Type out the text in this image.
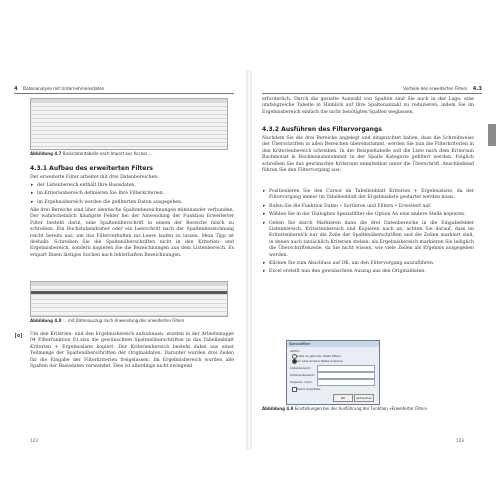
4 Datenanalyse mit Unternehmensdaten
Abbildung 4.7 Basisdatentabelle nach Import aus Access …
4.3.1 Aufbau des erweiterten Filters
Der erweiterte Filter arbeitet mit drei Datenbereichen:
▸ der Listenbereich enthält Ihre Basisdaten,
▸ im Kriterienbereich definieren Sie Ihre Filterkriterien,
▸ im Ergebnisbereich werden die gefilterten Daten ausgegeben.
Alle drei Bereiche sind über identische Spaltenbezeichnungen miteinander verbunden. Der wahrscheinlich häufigste Fehler bei der Anwendung der Funktion Erweiterter Filter besteht darin, eine Spaltenüberschrift in einem der Bereiche falsch zu schreiben. Ein Buchstabendreher oder ein Leerschritt nach der Spaltenbezeichnung reicht bereits aus, um das Filterverhalten ins Leere laufen zu lassen. Mein Tipp ist deshalb: Schreiben Sie die Spaltenüberschriften nicht in den Kriterien- und Ergebnisbereich, sondern kopieren Sie die Bezeichnungen aus dem Listenbereich. Es erspart Ihnen lästiges Suchen nach fehlerhaften Bezeichnungen.
Abbildung 4.8 … mit Datenauszug nach Anwendung des erweiterten Filters
[o] Um den Kriterien- und den Ergebnisbereich aufzubauen, wurden in der Arbeitsmappe 04_Filterfunktion_01.xlsx die gewünschten Spaltenüberschriften in das Tabellenblatt Kriterien + Ergebnisliste kopiert. Der Kriterienbereich besteht dabei aus einer Teilmenge der Spaltenüberschriften der Originaldaten. Darunter wurden drei Zeilen für die Eingabe der Filterkriterien freigelassen. Im Ergebnisbereich wurden alle Spalten der Basisdaten verwendet. Dies ist allerdings nicht zwingend
122
Vorteile des erweiterten Filters 4.3
erforderlich. Durch die gezielte Auswahl von Spalten sind Sie auch in der Lage, eine umfangreiche Tabelle in Hinblick auf Ihre Spaltenanzahl zu reduzieren, indem Sie im Ergebnisbereich einfach die nicht benötigten Spalten weglassen.
4.3.2 Ausführen des Filtervorgangs
Nachdem Sie die drei Bereiche angelegt und eingerichtet haben, dass die Schreibweise der Überschriften in allen Bereichen übereinstimmt, werden Sie nun die Filterkriterien in den Kriterienbereich schreiben. In der Beispieltabelle soll die Liste nach dem Kriterium Buchmonat & Buchmonatsnummer in der Spalte Kategorie gefiltert werden. Folglich schreiben Sie das gewünschte Kriterium unmittelbar unter die Überschrift. Anschließend führen Sie den Filtervorgang aus:
▸ Positionieren Sie den Cursor im Tabellenblatt Kriterien + Ergebnisliste, da der Filtervorgang immer im Tabellenblatt der Ergebnisliste gestartet werden muss.
▸ Rufen Sie die Funktion Daten • Sortieren und Filtern • Erweitert auf.
▸ Wählen Sie in der Dialogbox Spezialfilter die Option An eine andere Stelle kopieren.
▸ Geben Sie durch Markieren dann die drei Datenbereiche in die Eingabefelder Listenbereich, Kriterienbereich und Kopieren nach an, achten Sie darauf, dass im Kriterienbereich nur die Zeile der Spaltenüberschriften und die Zeilen markiert sind, in denen auch tatsächlich Kriterien stehen; als Ergebnisbereich markieren Sie lediglich die Überschriftenzeile, da Sie nicht wissen, wie viele Zeilen als Ergebnis ausgegeben werden.
▸ Klicken Sie zum Abschluss auf OK, um den Filtervorgang auszuführen.
▸ Excel erstellt nun den gewünschten Auszug aus den Originaldaten.
Spezialfilter
Aktion
Liste an gleicher Stelle filtern
An eine andere Stelle kopieren
Listenbereich:
Kriterienbereich:
Kopieren nach:
Keine Duplikate
OK	Abbrechen
Abbildung 4.9 Einstellungen bei der Ausführung der Funktion »Erweiterter Filter«
123
